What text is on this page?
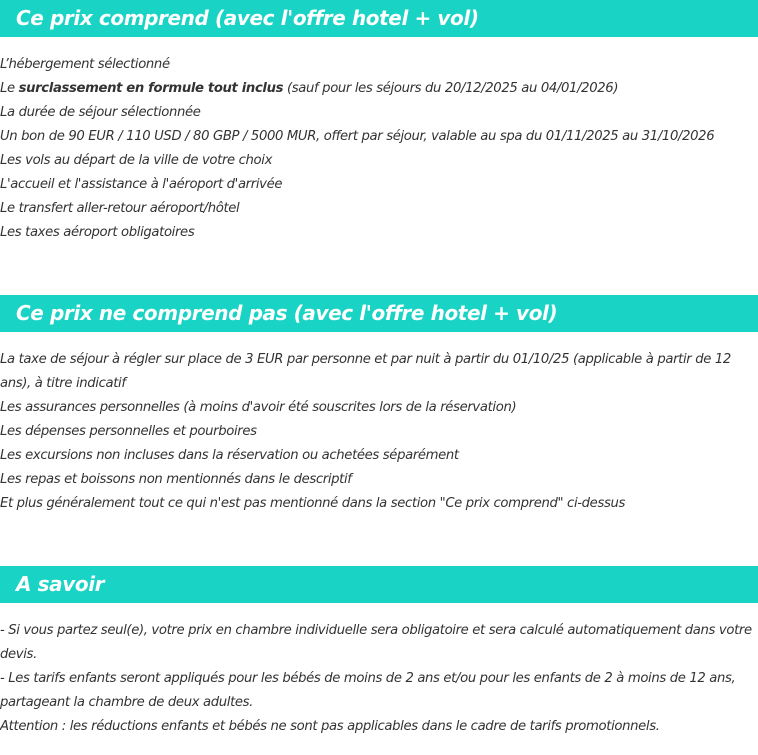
Ce prix comprend (avec l'offre hotel + vol)
L’hébergement sélectionné
Le surclassement en formule tout inclus (sauf pour les séjours du 20/12/2025 au 04/01/2026)
La durée de séjour sélectionnée
Un bon de 90 EUR / 110 USD / 80 GBP / 5000 MUR, offert par séjour, valable au spa du 01/11/2025 au 31/10/2026
Les vols au départ de la ville de votre choix
L'accueil et l'assistance à l'aéroport d'arrivée
Le transfert aller-retour aéroport/hôtel
Les taxes aéroport obligatoires
Ce prix ne comprend pas (avec l'offre hotel + vol)
La taxe de séjour à régler sur place de 3 EUR par personne et par nuit à partir du 01/10/25 (applicable à partir de 12 ans), à titre indicatif
Les assurances personnelles (à moins d'avoir été souscrites lors de la réservation)
Les dépenses personnelles et pourboires
Les excursions non incluses dans la réservation ou achetées séparément
Les repas et boissons non mentionnés dans le descriptif
Et plus généralement tout ce qui n'est pas mentionné dans la section "Ce prix comprend" ci-dessus
A savoir
- Si vous partez seul(e), votre prix en chambre individuelle sera obligatoire et sera calculé automatiquement dans votre devis.
- Les tarifs enfants seront appliqués pour les bébés de moins de 2 ans et/ou pour les enfants de 2 à moins de 12 ans, partageant la chambre de deux adultes.
Attention : les réductions enfants et bébés ne sont pas applicables dans le cadre de tarifs promotionnels.
